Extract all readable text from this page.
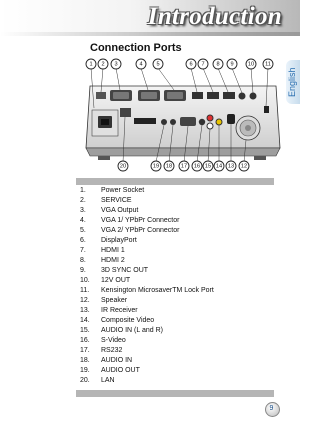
Introduction
English
Connection Ports
1 2 3	4 5	6 7 8 9	10 11
20	19 18 17 16 15 14 13 12
1. Power Socket
2. SERVICE
3. VGA Output
4. VGA 1/ YPbPr Connector
5. VGA 2/ YPbPr Connector
6. DisplayPort
7. HDMI 1
8. HDMI 2
9. 3D SYNC OUT
10. 12V OUT
11. Kensington MicrosaverTM Lock Port
12. Speaker
13. IR Receiver
14. Composite Video
15. AUDIO IN (L and R)
16. S-Video
17. RS232
18. AUDIO IN
19. AUDIO OUT
20. LAN
9
